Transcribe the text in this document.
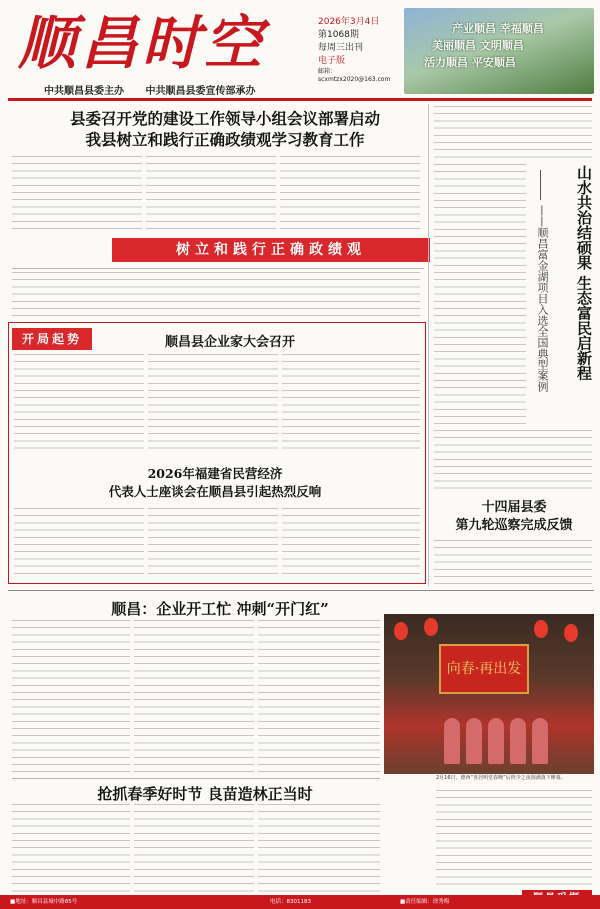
顺昌时空
中共顺昌县委主办 中共顺昌县委宣传部承办
2026年3月4日
第1068期
每周三出刊
电子版
邮箱：scxmtzx2020@163.com
产业顺昌 幸福顺昌
美丽顺昌 文明顺昌
活力顺昌 平安顺昌
县委召开党的建设工作领导小组会议部署启动
我县树立和践行正确政绩观学习教育工作
树立和践行正确政绩观
开局起势	顺昌县企业家大会召开
2026年福建省民营经济
代表人士座谈会在顺昌县引起热烈反响
山水共治结硕果 生态富民启新程
——顺昌富金湖项目入选全国典型案例
十四届县委
第九轮巡察完成反馈
顺昌：企业开工忙 冲刺“开门红”
向春·再出发
抢抓春季好时节 良苗造林正当时
2月16日，德西“喜居明堂春晚”后阵少之夜圆满落下帷幕。
■地址：顺昌县城中路85号	电话：8301183	■责任编辑：徐秀梅
